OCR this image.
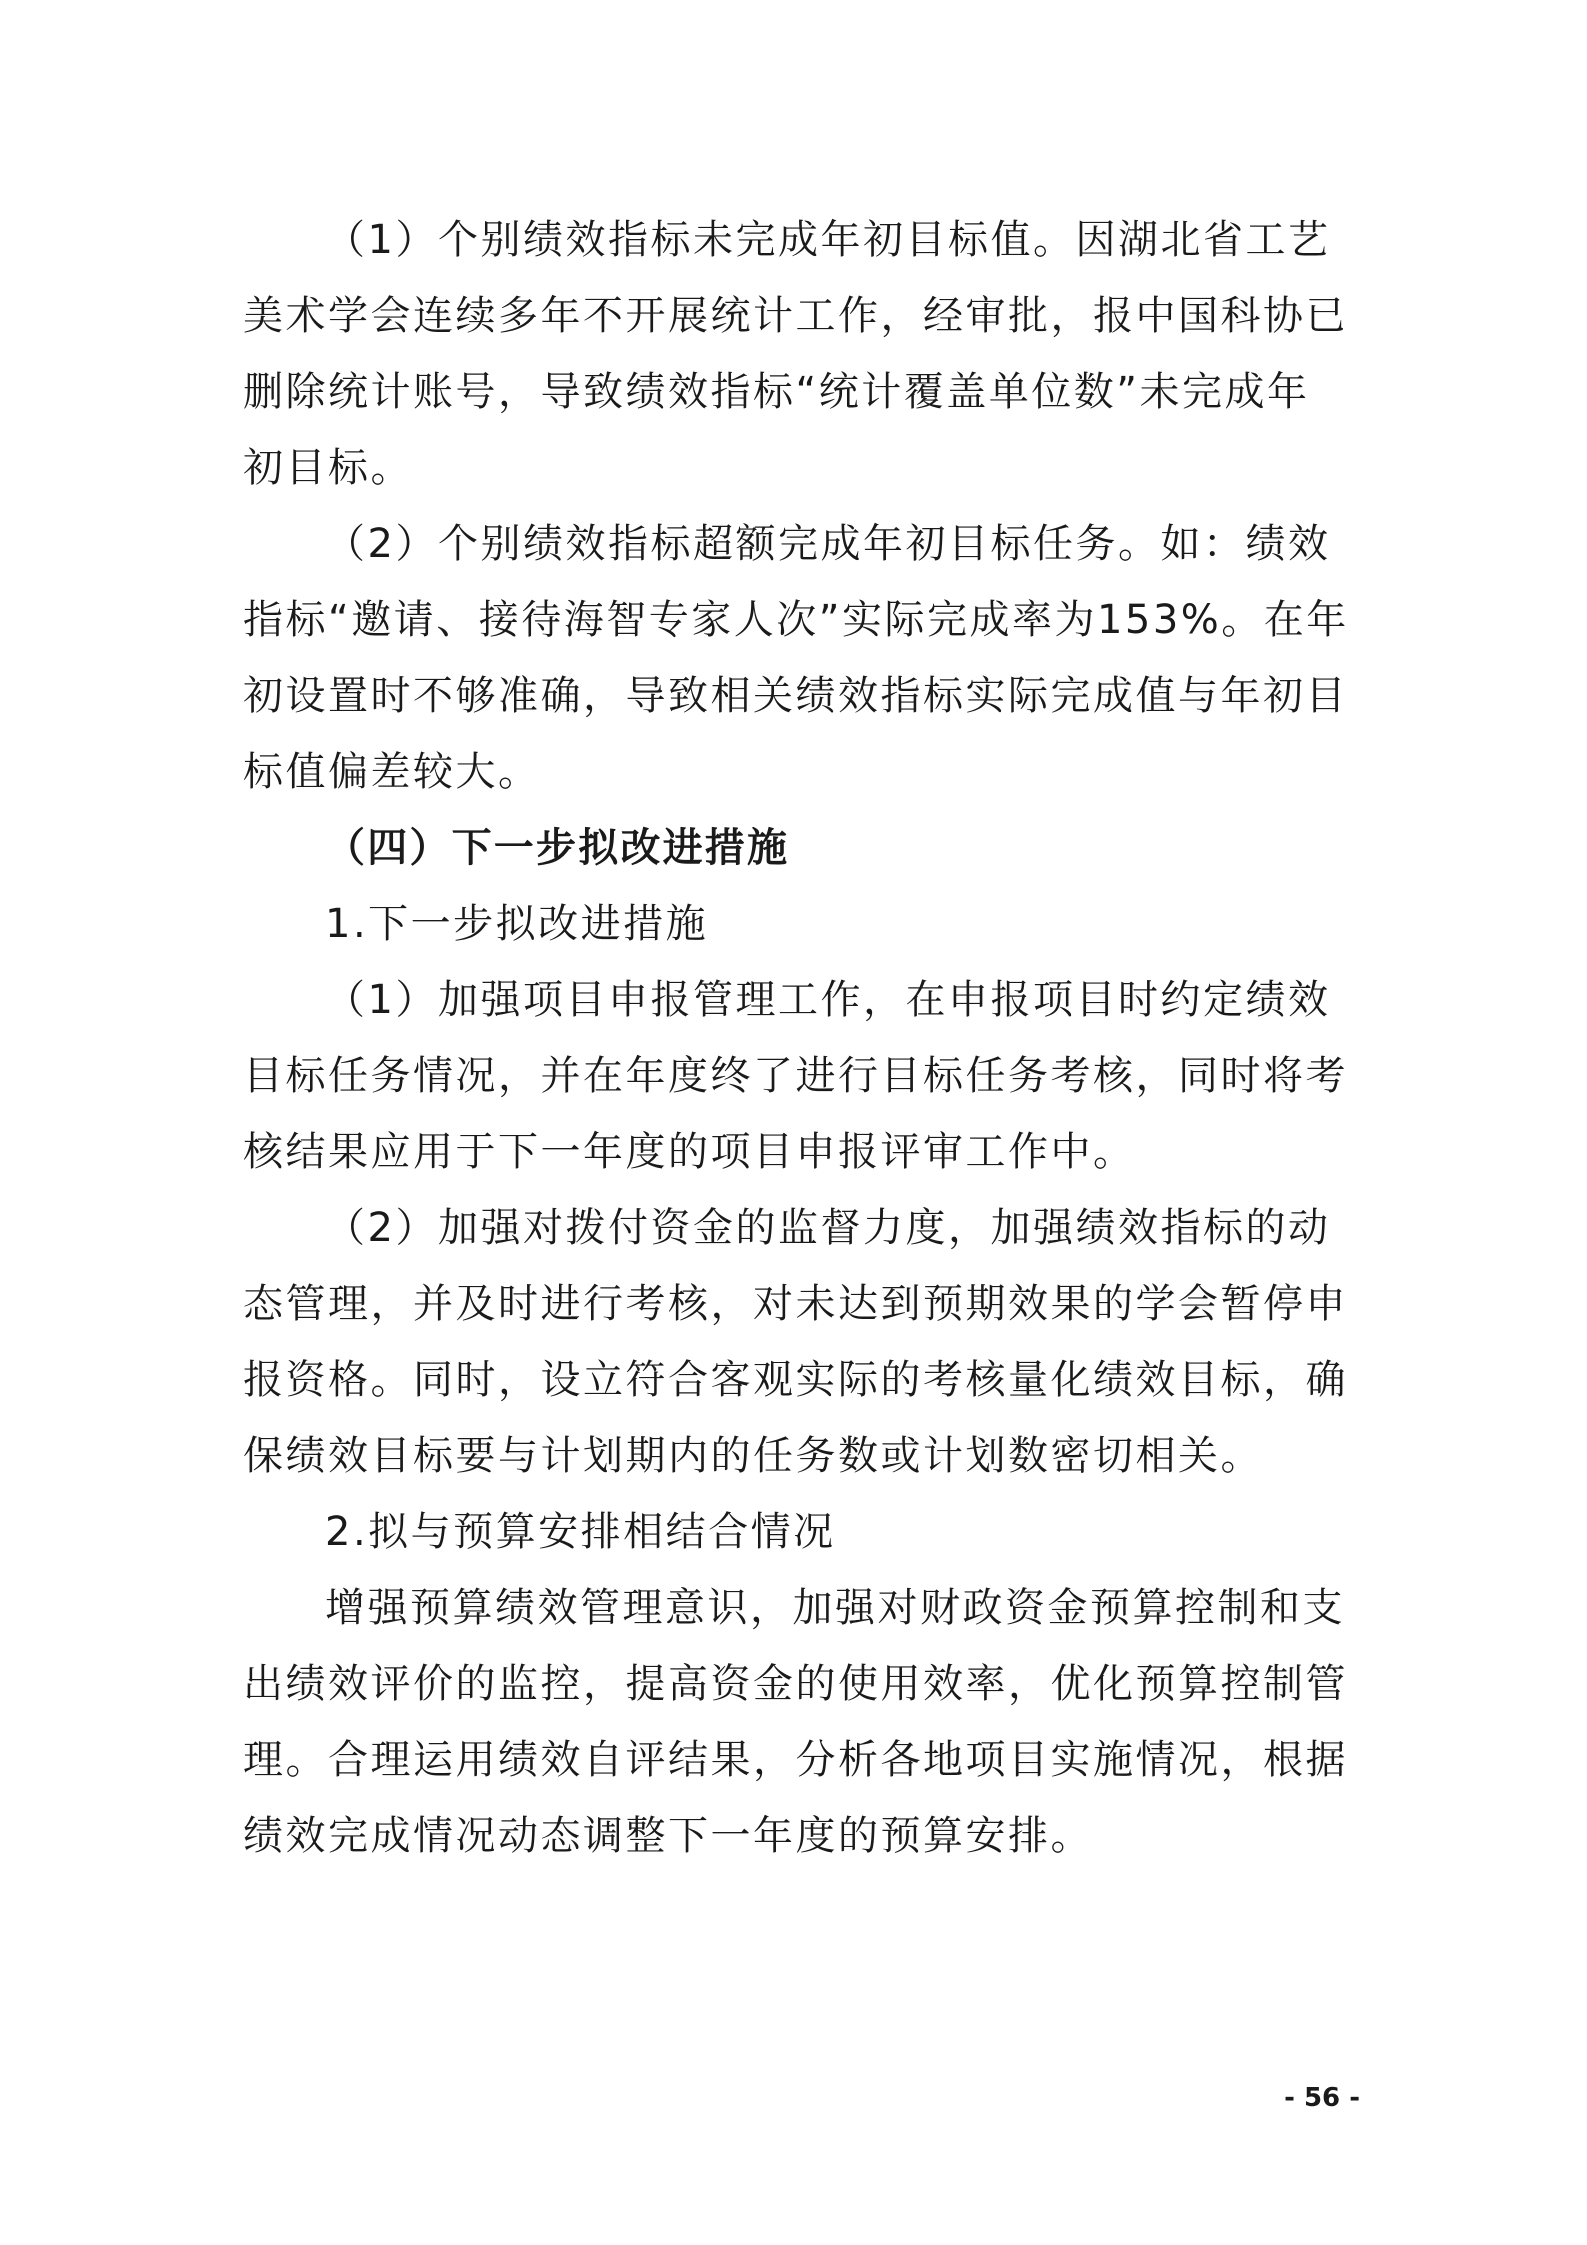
（1）个别绩效指标未完成年初目标值。因湖北省工艺
美术学会连续多年不开展统计工作，经审批，报中国科协已
删除统计账号，导致绩效指标“统计覆盖单位数”未完成年
初目标。
（2）个别绩效指标超额完成年初目标任务。如：绩效
指标“邀请、接待海智专家人次”实际完成率为153%。在年
初设置时不够准确，导致相关绩效指标实际完成值与年初目
标值偏差较大。
（四）下一步拟改进措施
1.下一步拟改进措施
（1）加强项目申报管理工作，在申报项目时约定绩效
目标任务情况，并在年度终了进行目标任务考核，同时将考
核结果应用于下一年度的项目申报评审工作中。
（2）加强对拨付资金的监督力度，加强绩效指标的动
态管理，并及时进行考核，对未达到预期效果的学会暂停申
报资格。同时，设立符合客观实际的考核量化绩效目标，确
保绩效目标要与计划期内的任务数或计划数密切相关。
2.拟与预算安排相结合情况
增强预算绩效管理意识，加强对财政资金预算控制和支
出绩效评价的监控，提高资金的使用效率，优化预算控制管
理。合理运用绩效自评结果，分析各地项目实施情况，根据
绩效完成情况动态调整下一年度的预算安排。
- 56 -
